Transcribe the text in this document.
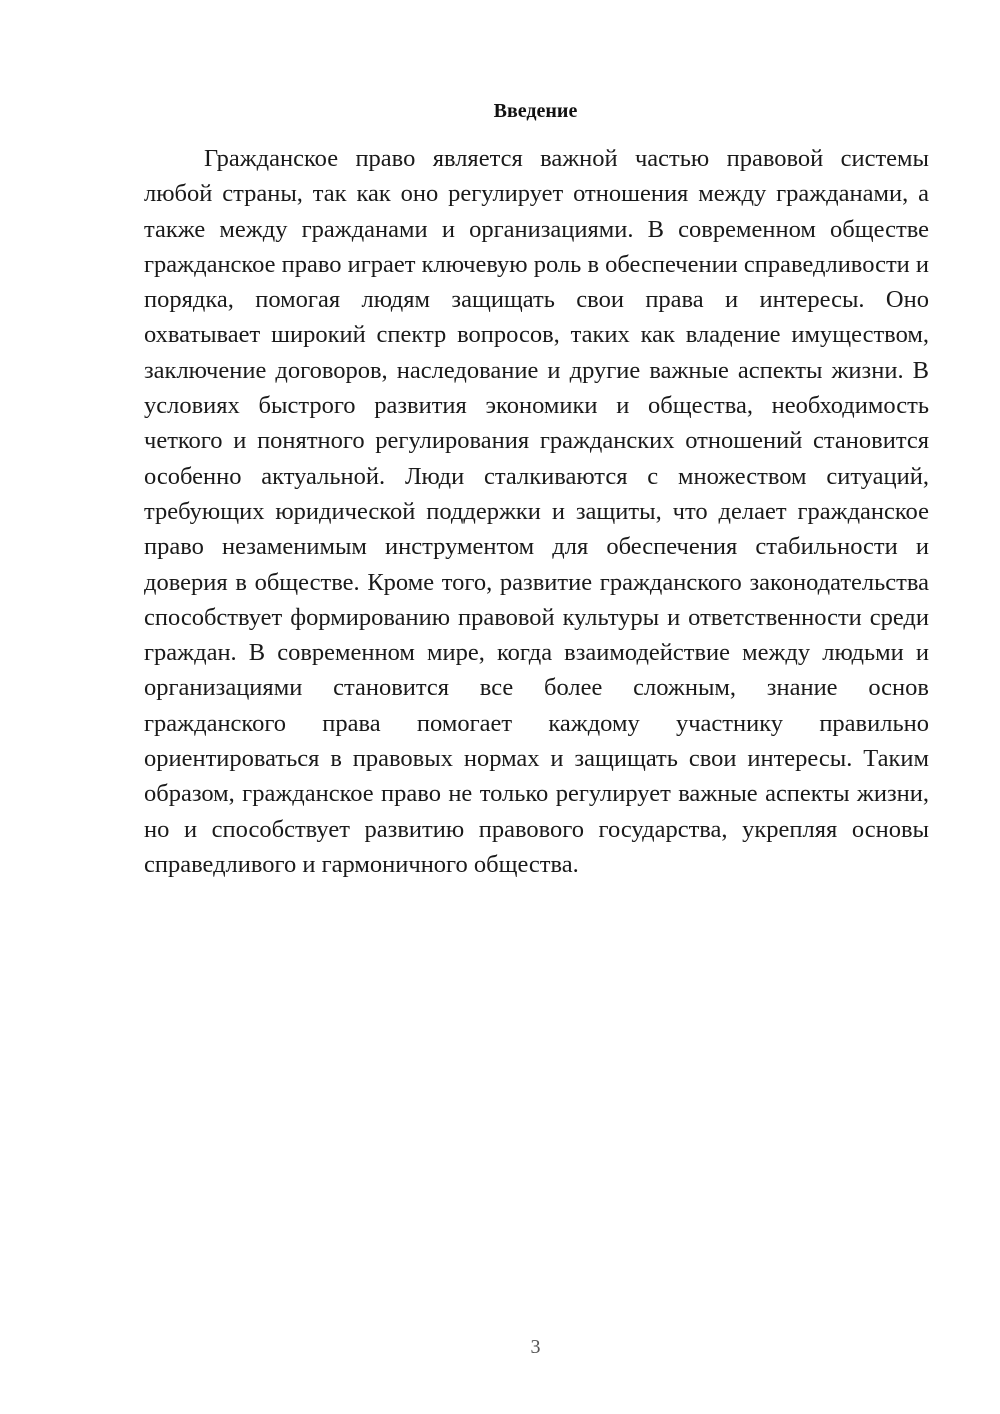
Введение

Гражданское право является важной частью правовой системы любой страны, так как оно регулирует отношения между гражданами, а также между гражданами и организациями. В современном обществе гражданское право играет ключевую роль в обеспечении справедливости и порядка, помогая людям защищать свои права и интересы. Оно охватывает широкий спектр вопросов, таких как владение имуществом, заключение договоров, наследование и другие важные аспекты жизни. В условиях быстрого развития экономики и общества, необходимость четкого и понятного регулирования гражданских отношений становится особенно актуальной. Люди сталкиваются с множеством ситуаций, требующих юридической поддержки и защиты, что делает гражданское право незаменимым инструментом для обеспечения стабильности и доверия в обществе. Кроме того, развитие гражданского законодательства способствует формированию правовой культуры и ответственности среди граждан. В современном мире, когда взаимодействие между людьми и организациями становится все более сложным, знание основ гражданского права помогает каждому участнику правильно ориентироваться в правовых нормах и защищать свои интересы. Таким образом, гражданское право не только регулирует важные аспекты жизни, но и способствует развитию правового государства, укрепляя основы справедливого и гармоничного общества.

3
